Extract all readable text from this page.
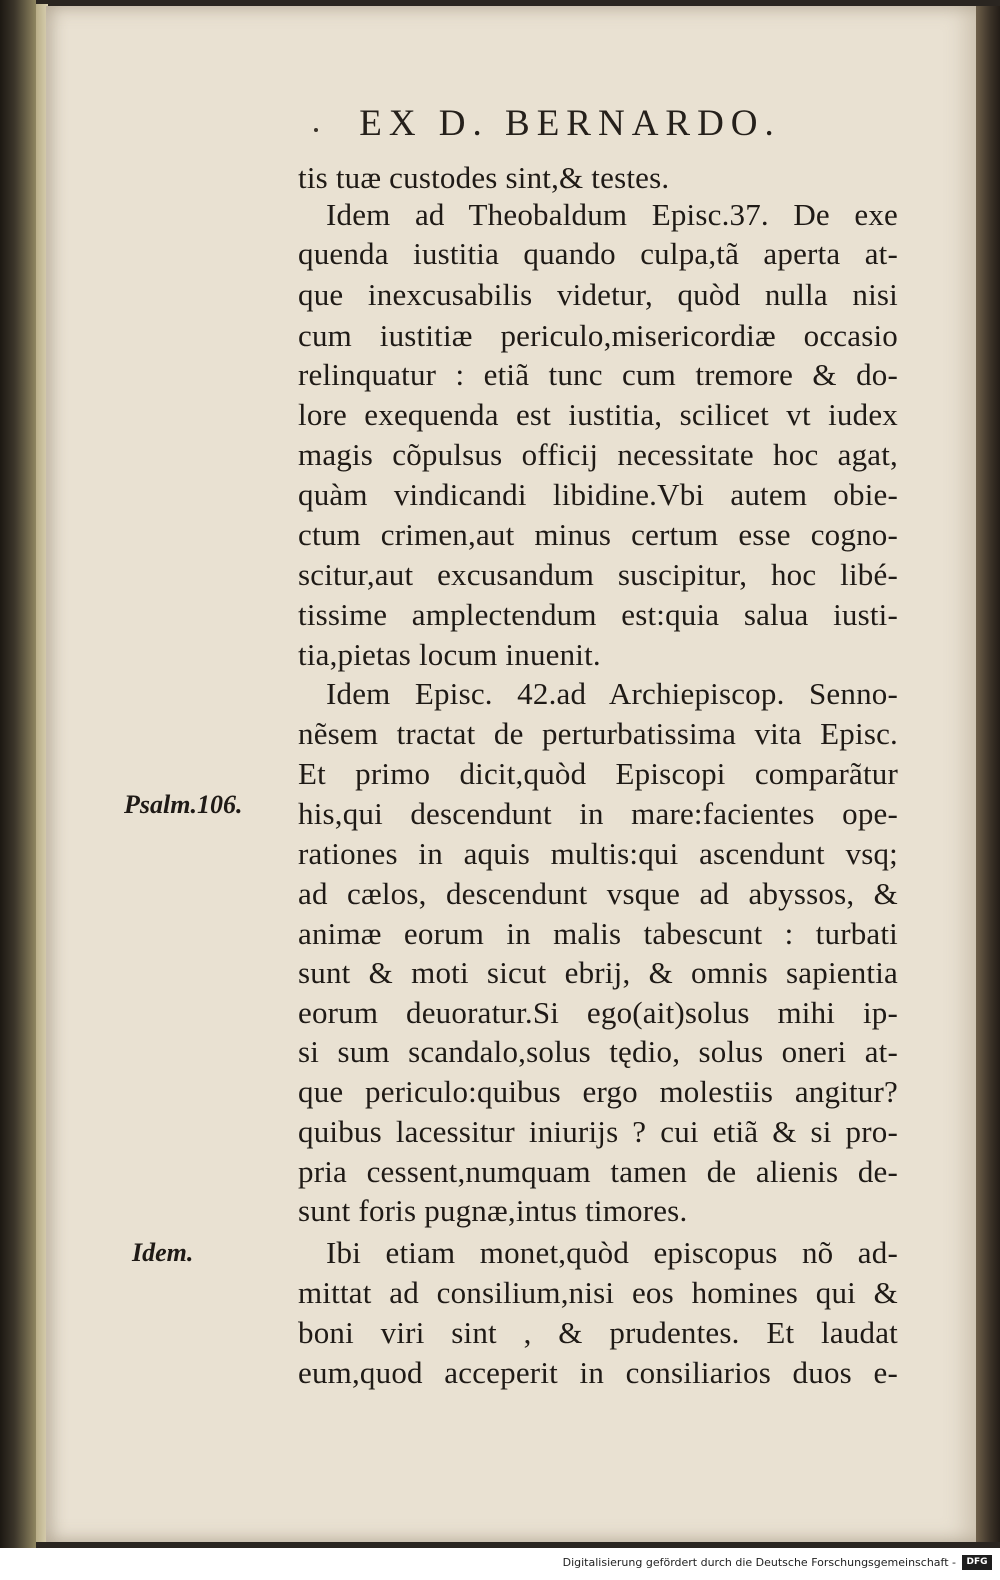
EX D. BERNARDO.
tis tuæ custodes sint,& testes.
Idem ad Theobaldum Episc.37. De exe
quenda iustitia quando culpa,tã aperta at-
que inexcusabilis videtur, quòd nulla nisi
cum iustitiæ periculo,misericordiæ occasio
relinquatur : etiã tunc cum tremore & do-
lore exequenda est iustitia, scilicet vt iudex
magis cõpulsus officij necessitate hoc agat,
quàm vindicandi libidine.Vbi autem obie-
ctum crimen,aut minus certum esse cogno-
scitur,aut excusandum suscipitur, hoc libé-
tissime amplectendum est:quia salua iusti-
tia,pietas locum inuenit.
Idem Episc. 42.ad Archiepiscop. Senno-
nẽsem tractat de perturbatissima vita Episc.
Et primo dicit,quòd Episcopi comparãtur
his,qui descendunt in mare:facientes ope-
rationes in aquis multis:qui ascendunt vsq;
ad cælos, descendunt vsque ad abyssos, &
animæ eorum in malis tabescunt : turbati
sunt & moti sicut ebrij, & omnis sapientia
eorum deuoratur.Si ego(ait)solus mihi ip-
si sum scandalo,solus tędio, solus oneri at-
que periculo:quibus ergo molestiis angitur?
quibus lacessitur iniurijs ? cui etiã & si pro-
pria cessent,numquam tamen de alienis de-
sunt foris pugnæ,intus timores.
Ibi etiam monet,quòd episcopus nõ ad-
mittat ad consilium,nisi eos homines qui &
boni viri sint , & prudentes. Et laudat
eum,quod acceperit in consiliarios duos e-
Psalm.106.
Idem.
Digitalisierung gefördert durch die Deutsche Forschungsgemeinschaft -	DFG
